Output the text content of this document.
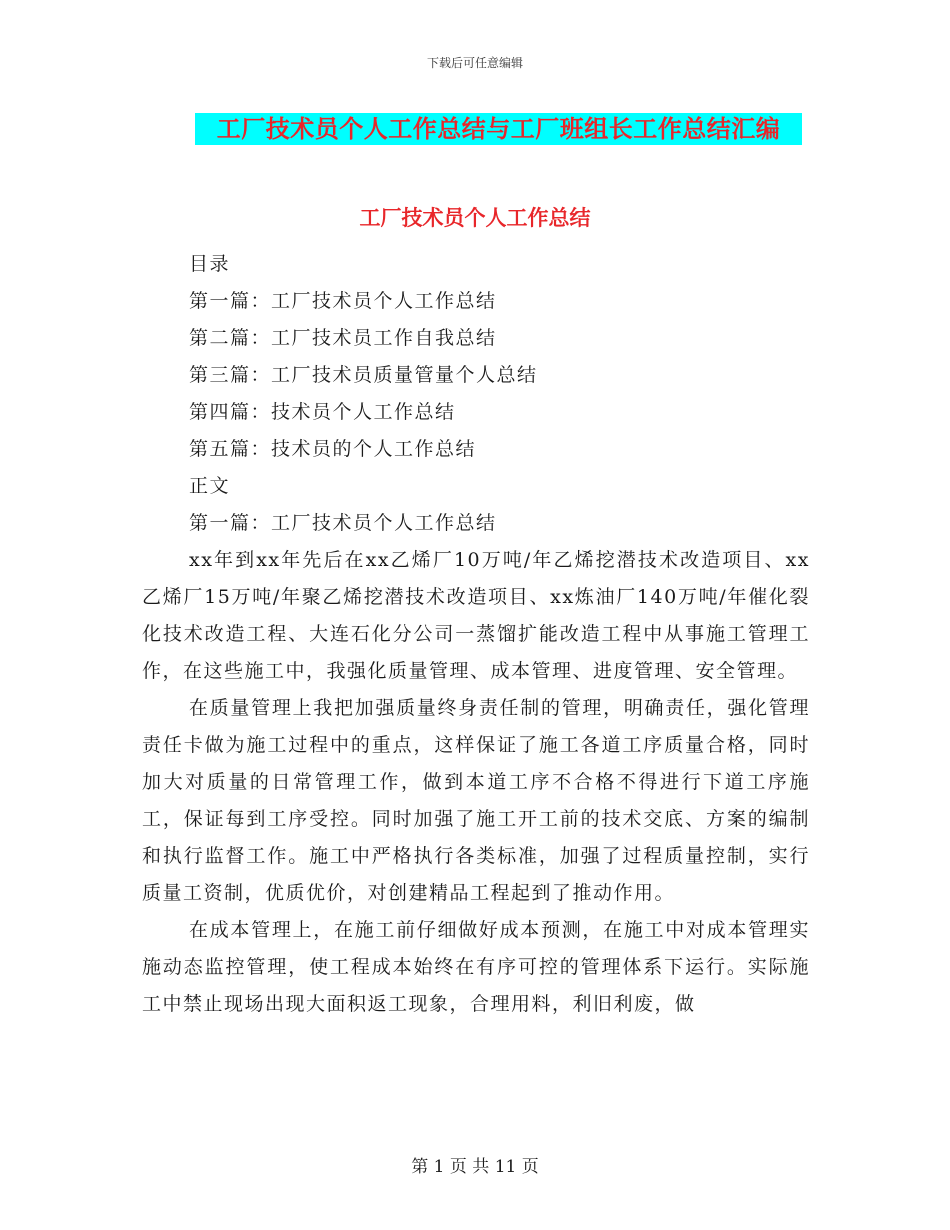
下载后可任意编辑
工厂技术员个人工作总结与工厂班组长工作总结汇编
工厂技术员个人工作总结
目录
第一篇：工厂技术员个人工作总结
第二篇：工厂技术员工作自我总结
第三篇：工厂技术员质量管量个人总结
第四篇：技术员个人工作总结
第五篇：技术员的个人工作总结
正文
第一篇：工厂技术员个人工作总结
xx年到xx年先后在xx乙烯厂10万吨/年乙烯挖潜技术改造项目、xx乙烯厂15万吨/年聚乙烯挖潜技术改造项目、xx炼油厂140万吨/年催化裂化技术改造工程、大连石化分公司一蒸馏扩能改造工程中从事施工管理工作，在这些施工中，我强化质量管理、成本管理、进度管理、安全管理。
在质量管理上我把加强质量终身责任制的管理，明确责任，强化管理责任卡做为施工过程中的重点，这样保证了施工各道工序质量合格，同时加大对质量的日常管理工作，做到本道工序不合格不得进行下道工序施工，保证每到工序受控。同时加强了施工开工前的技术交底、方案的编制和执行监督工作。施工中严格执行各类标准，加强了过程质量控制，实行质量工资制，优质优价，对创建精品工程起到了推动作用。
在成本管理上，在施工前仔细做好成本预测，在施工中对成本管理实施动态监控管理，使工程成本始终在有序可控的管理体系下运行。实际施工中禁止现场出现大面积返工现象，合理用料，利旧利废，做
第 1 页 共 11 页
